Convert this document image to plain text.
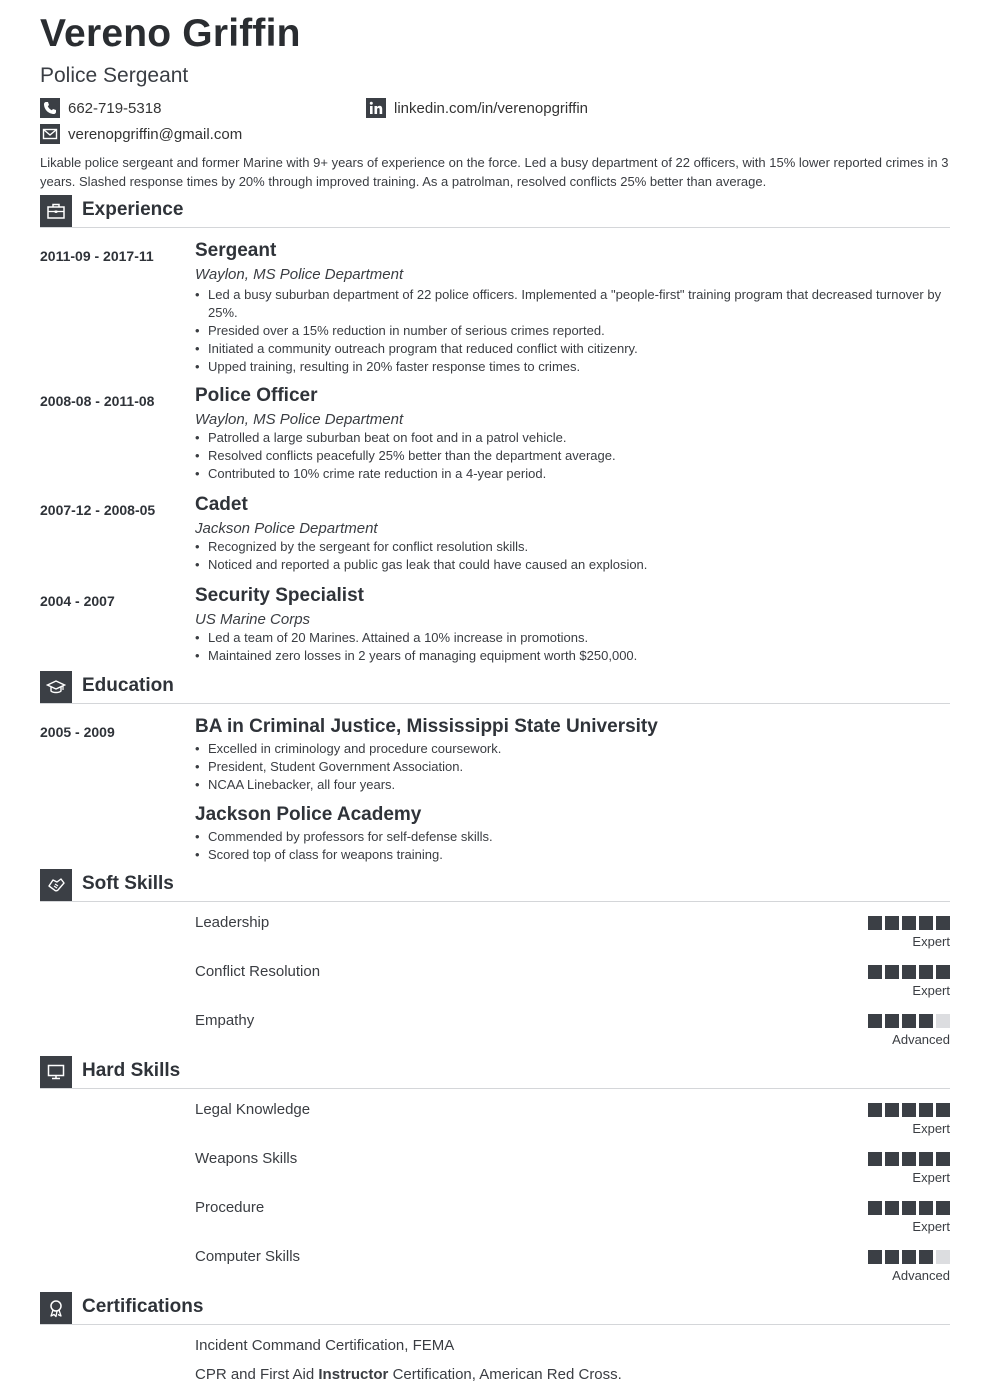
Vereno Griffin
Police Sergeant
662-719-5318
verenopgriffin@gmail.com
linkedin.com/in/verenopgriffin
Likable police sergeant and former Marine with 9+ years of experience on the force. Led a busy department of 22 officers, with 15% lower reported crimes in 3 years. Slashed response times by 20% through improved training. As a patrolman, resolved conflicts 25% better than average.
Experience
2011-09 - 2017-11 Sergeant
Waylon, MS Police Department
• Led a busy suburban department of 22 police officers. Implemented a "people-first" training program that decreased turnover by 25%.
• Presided over a 15% reduction in number of serious crimes reported.
• Initiated a community outreach program that reduced conflict with citizenry.
• Upped training, resulting in 20% faster response times to crimes.
2008-08 - 2011-08 Police Officer
Waylon, MS Police Department
• Patrolled a large suburban beat on foot and in a patrol vehicle.
• Resolved conflicts peacefully 25% better than the department average.
• Contributed to 10% crime rate reduction in a 4-year period.
2007-12 - 2008-05 Cadet
Jackson Police Department
• Recognized by the sergeant for conflict resolution skills.
• Noticed and reported a public gas leak that could have caused an explosion.
2004 - 2007	Security Specialist
US Marine Corps
• Led a team of 20 Marines. Attained a 10% increase in promotions.
• Maintained zero losses in 2 years of managing equipment worth $250,000.
Education
2005 - 2009	BA in Criminal Justice, Mississippi State University
• Excelled in criminology and procedure coursework.
• President, Student Government Association.
• NCAA Linebacker, all four years.
Jackson Police Academy
• Commended by professors for self-defense skills.
• Scored top of class for weapons training.
Soft Skills
Leadership
Expert
Conflict Resolution
Expert
Empathy
Advanced
Hard Skills
Legal Knowledge
Expert
Weapons Skills
Expert
Procedure
Expert
Computer Skills
Advanced
Certifications
Incident Command Certification, FEMA
CPR and First Aid Instructor Certification, American Red Cross.
